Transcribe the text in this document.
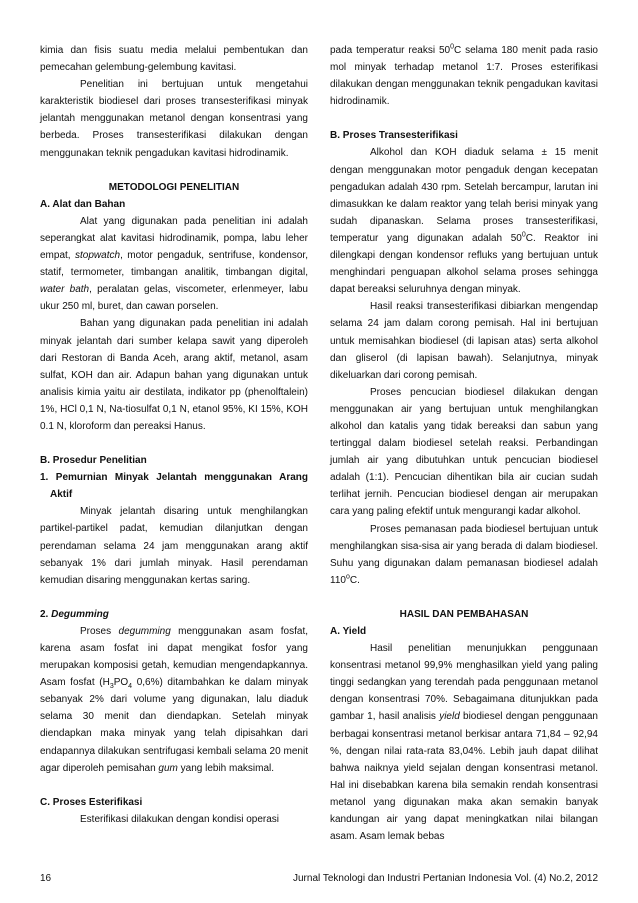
kimia dan fisis suatu media melalui pembentukan dan pemecahan gelembung-gelembung kavitasi.

Penelitian ini bertujuan untuk mengetahui karakteristik biodiesel dari proses transesterifikasi minyak jelantah menggunakan metanol dengan konsentrasi yang berbeda. Proses transesterifikasi dilakukan dengan menggunakan teknik pengadukan kavitasi hidrodinamik.

METODOLOGI PENELITIAN

A. Alat dan Bahan

Alat yang digunakan pada penelitian ini adalah seperangkat alat kavitasi hidrodinamik, pompa, labu leher empat, stopwatch, motor pengaduk, sentrifuse, kondensor, statif, termometer, timbangan analitik, timbangan digital, water bath, peralatan gelas, viscometer, erlenmeyer, labu ukur 250 ml, buret, dan cawan porselen.

Bahan yang digunakan pada penelitian ini adalah minyak jelantah dari sumber kelapa sawit yang diperoleh dari Restoran di Banda Aceh, arang aktif, metanol, asam sulfat, KOH dan air. Adapun bahan yang digunakan untuk analisis kimia yaitu air destilata, indikator pp (phenolftalein) 1%, HCl 0,1 N, Na-tiosulfat 0,1 N, etanol 95%, KI 15%, KOH 0.1 N, kloroform dan pereaksi Hanus.

B. Prosedur Penelitian

1. Pemurnian Minyak Jelantah menggunakan Arang Aktif

Minyak jelantah disaring untuk menghilangkan partikel-partikel padat, kemudian dilanjutkan dengan perendaman selama 24 jam menggunakan arang aktif sebanyak 1% dari jumlah minyak. Hasil perendaman kemudian disaring menggunakan kertas saring.

2. Degumming

Proses degumming menggunakan asam fosfat, karena asam fosfat ini dapat mengikat fosfor yang merupakan komposisi getah, kemudian mengendapkannya. Asam fosfat ($H_3PO_4$ 0,6%) ditambahkan ke dalam minyak sebanyak 2% dari volume yang digunakan, lalu diaduk selama 30 menit dan diendapkan. Setelah minyak diendapkan maka minyak yang telah dipisahkan dari endapannya dilakukan sentrifugasi kembali selama 20 menit agar diperoleh pemisahan gum yang lebih maksimal.

C. Proses Esterifikasi

Esterifikasi dilakukan dengan kondisi operasi

pada temperatur reaksi $50^0C$ selama 180 menit pada rasio mol minyak terhadap metanol 1:7. Proses esterifikasi dilakukan dengan menggunakan teknik pengadukan kavitasi hidrodinamik.

B. Proses Transesterifikasi

Alkohol dan KOH diaduk selama ± 15 menit dengan menggunakan motor pengaduk dengan kecepatan pengadukan adalah 430 rpm. Setelah bercampur, larutan ini dimasukkan ke dalam reaktor yang telah berisi minyak yang sudah dipanaskan. Selama proses transesterifikasi, temperatur yang digunakan adalah $50^0C$. Reaktor ini dilengkapi dengan kondensor refluks yang bertujuan untuk menghindari penguapan alkohol selama proses sehingga dapat bereaksi seluruhnya dengan minyak.

Hasil reaksi transesterifikasi dibiarkan mengendap selama 24 jam dalam corong pemisah. Hal ini bertujuan untuk memisahkan biodiesel (di lapisan atas) serta alkohol dan gliserol (di lapisan bawah). Selanjutnya, minyak dikeluarkan dari corong pemisah.

Proses pencucian biodiesel dilakukan dengan menggunakan air yang bertujuan untuk menghilangkan alkohol dan katalis yang tidak bereaksi dan sabun yang tertinggal dalam biodiesel setelah reaksi. Perbandingan jumlah air yang dibutuhkan untuk pencucian biodiesel adalah (1:1). Pencucian dihentikan bila air cucian sudah terlihat jernih. Pencucian biodiesel dengan air merupakan cara yang paling efektif untuk mengurangi kadar alkohol.

Proses pemanasan pada biodiesel bertujuan untuk menghilangkan sisa-sisa air yang berada di dalam biodiesel. Suhu yang digunakan dalam pemanasan biodiesel adalah 110$^o$C.

HASIL DAN PEMBAHASAN

A. Yield

Hasil penelitian menunjukkan penggunaan konsentrasi metanol 99,9% menghasilkan yield yang paling tinggi sedangkan yang terendah pada penggunaan metanol dengan konsentrasi 70%. Sebagaimana ditunjukkan pada gambar 1, hasil analisis yield biodiesel dengan penggunaan berbagai konsentrasi metanol berkisar antara 71,84 – 92,94 %, dengan nilai rata-rata 83,04%. Lebih jauh dapat dilihat bahwa naiknya yield sejalan dengan konsentrasi metanol. Hal ini disebabkan karena bila semakin rendah konsentrasi metanol yang digunakan maka akan semakin banyak kandungan air yang dapat meningkatkan nilai bilangan asam. Asam lemak bebas

16	Jurnal Teknologi dan Industri Pertanian Indonesia Vol. (4) No.2, 2012
